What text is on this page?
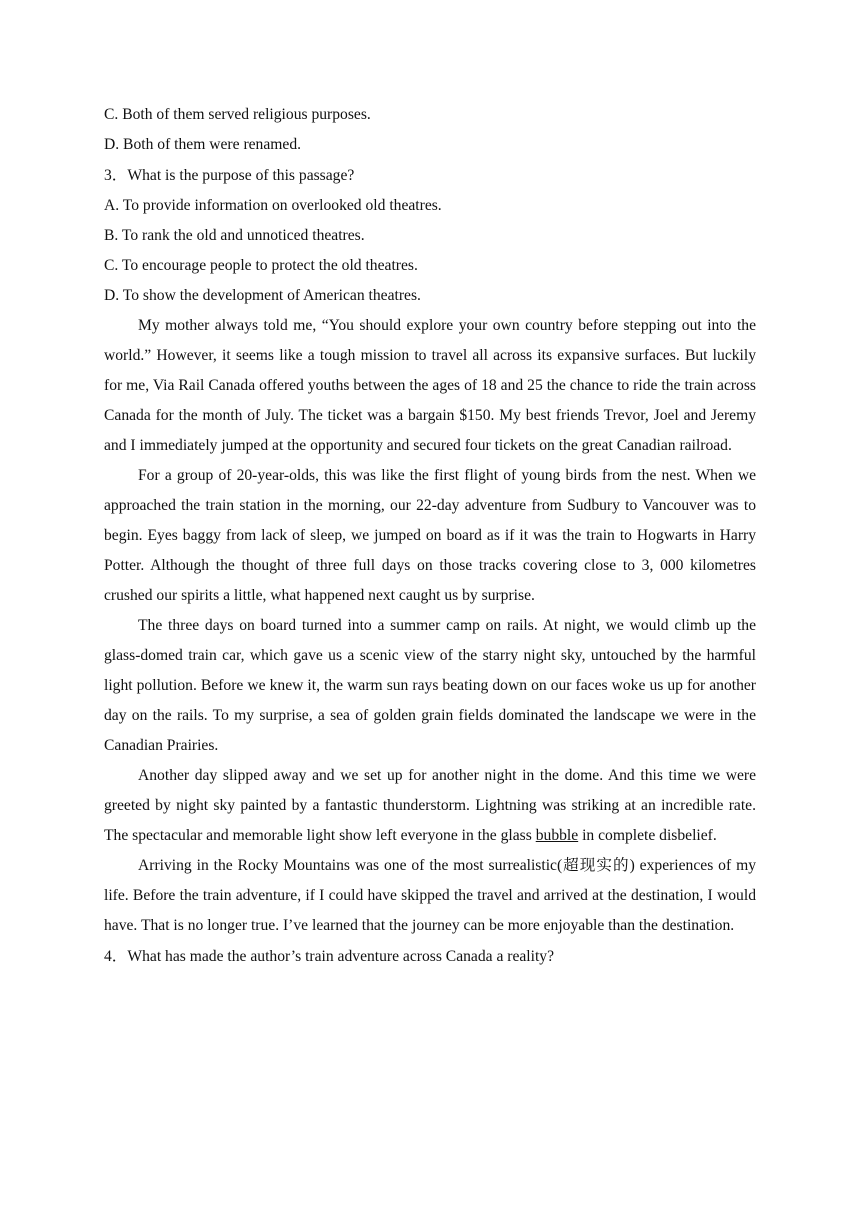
C. Both of them served religious purposes.
D. Both of them were renamed.
3．What is the purpose of this passage?
A. To provide information on overlooked old theatres.
B. To rank the old and unnoticed theatres.
C. To encourage people to protect the old theatres.
D. To show the development of American theatres.

My mother always told me, “You should explore your own country before stepping out into the world.” However, it seems like a tough mission to travel all across its expansive surfaces. But luckily for me, Via Rail Canada offered youths between the ages of 18 and 25 the chance to ride the train across Canada for the month of July. The ticket was a bargain $150. My best friends Trevor, Joel and Jeremy and I immediately jumped at the opportunity and secured four tickets on the great Canadian railroad.

For a group of 20-year-olds, this was like the first flight of young birds from the nest. When we approached the train station in the morning, our 22-day adventure from Sudbury to Vancouver was to begin. Eyes baggy from lack of sleep, we jumped on board as if it was the train to Hogwarts in Harry Potter. Although the thought of three full days on those tracks covering close to 3, 000 kilometres crushed our spirits a little, what happened next caught us by surprise.

The three days on board turned into a summer camp on rails. At night, we would climb up the glass-domed train car, which gave us a scenic view of the starry night sky, untouched by the harmful light pollution. Before we knew it, the warm sun rays beating down on our faces woke us up for another day on the rails. To my surprise, a sea of golden grain fields dominated the landscape we were in the Canadian Prairies.

Another day slipped away and we set up for another night in the dome. And this time we were greeted by night sky painted by a fantastic thunderstorm. Lightning was striking at an incredible rate. The spectacular and memorable light show left everyone in the glass bubble in complete disbelief.

Arriving in the Rocky Mountains was one of the most surrealistic(超现实的) experiences of my life. Before the train adventure, if I could have skipped the travel and arrived at the destination, I would have. That is no longer true. I’ve learned that the journey can be more enjoyable than the destination.

4．What has made the author’s train adventure across Canada a reality?
